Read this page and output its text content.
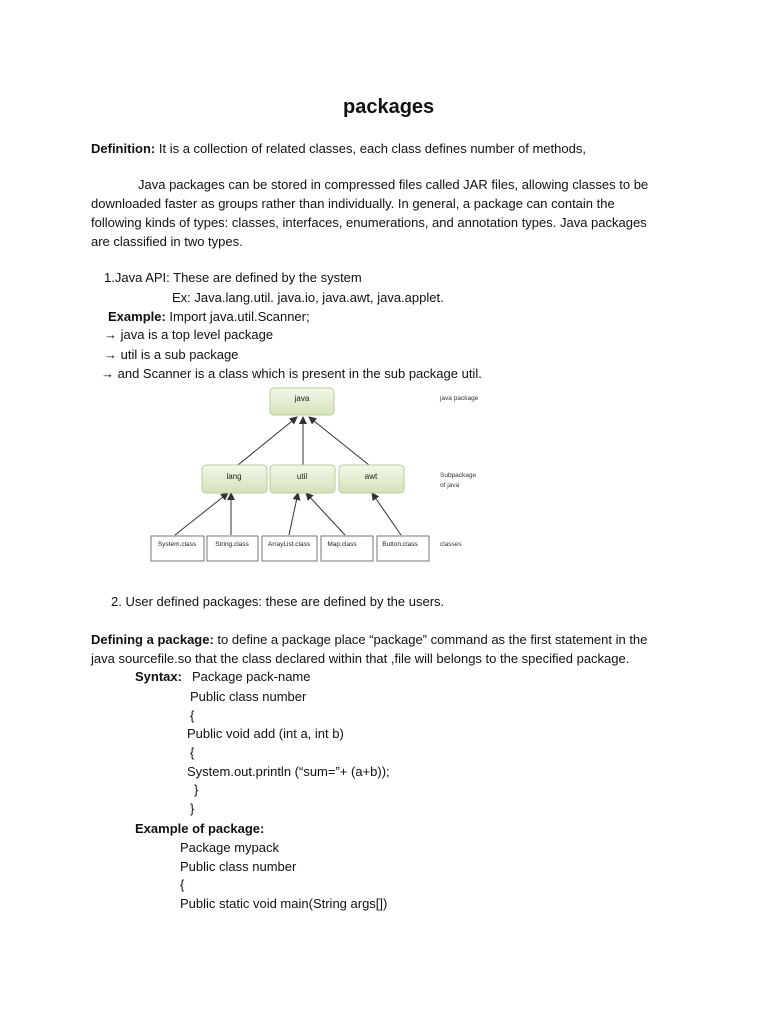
packages
Definition: It is a collection of related classes, each class defines number of methods,
Java packages can be stored in compressed files called JAR files, allowing classes to be
downloaded faster as groups rather than individually. In general, a package can contain the
following kinds of types: classes, interfaces, enumerations, and annotation types. Java packages
are classified in two types.
1.Java API: These are defined by the system
Ex: Java.lang.util. java.io, java.awt, java.applet.
Example: Import java.util.Scanner;
→ java is a top level package
→ util is a sub package
→ and Scanner is a class which is present in the sub package util.
java
lang	util	awt
System.class	String.class	ArrayList.class	Map.class	Button.class
java package
Subpackage
of java
classes
2. User defined packages: these are defined by the users.
Defining a package: to define a package place “package” command as the first statement in the
java sourcefile.so that the class declared within that ,file will belongs to the specified package.
Syntax: Package pack-name
Public class number
{
Public void add (int a, int b)
{
System.out.println (“sum=”+ (a+b));
}
}
Example of package:
Package mypack
Public class number
{
Public static void main(String args[])
